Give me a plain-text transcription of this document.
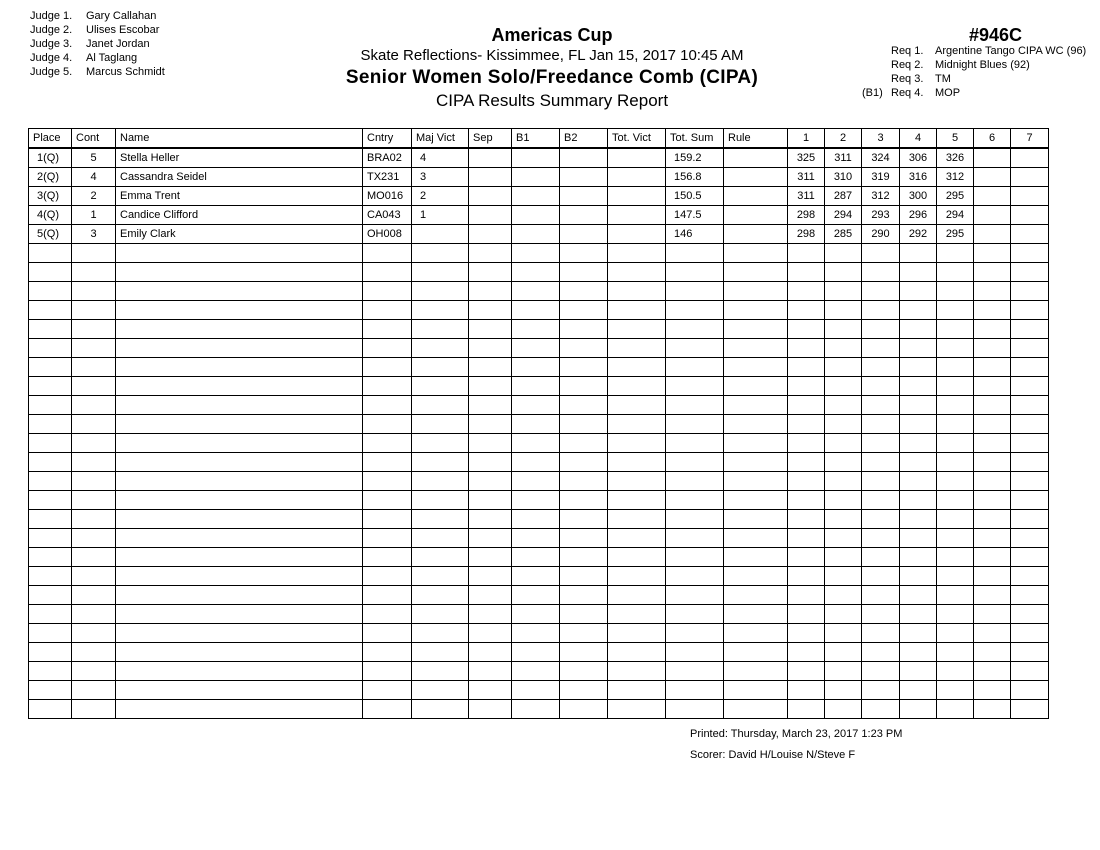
Judge 1. Gary Callahan
Judge 2. Ulises Escobar
Judge 3. Janet Jordan
Judge 4. Al Taglang
Judge 5. Marcus Schmidt
Americas Cup
Skate Reflections- Kissimmee, FL Jan 15, 2017 10:45 AM
Senior Women Solo/Freedance Comb (CIPA)
CIPA Results Summary Report
#946C
Req 1. Argentine Tango CIPA WC (96)
Req 2. Midnight Blues (92)
Req 3. TM
(B1) Req 4. MOP
Place	Cont	Name	Cntry	Maj Vict	Sep	B1	B2	Tot. Vict	Tot. Sum	Rule	1	2	3	4	5	6	7
1(Q)	5	Stella Heller	BRA02	4					159.2		325	311	324	306	326		
2(Q)	4	Cassandra Seidel	TX231	3					156.8		311	310	319	316	312		
3(Q)	2	Emma Trent	MO016	2					150.5		311	287	312	300	295		
4(Q)	1	Candice Clifford	CA043	1					147.5		298	294	293	296	294		
5(Q)	3	Emily Clark	OH008						146		298	285	290	292	295		

Printed: Thursday, March 23, 2017 1:23 PM
Scorer: David H/Louise N/Steve F
